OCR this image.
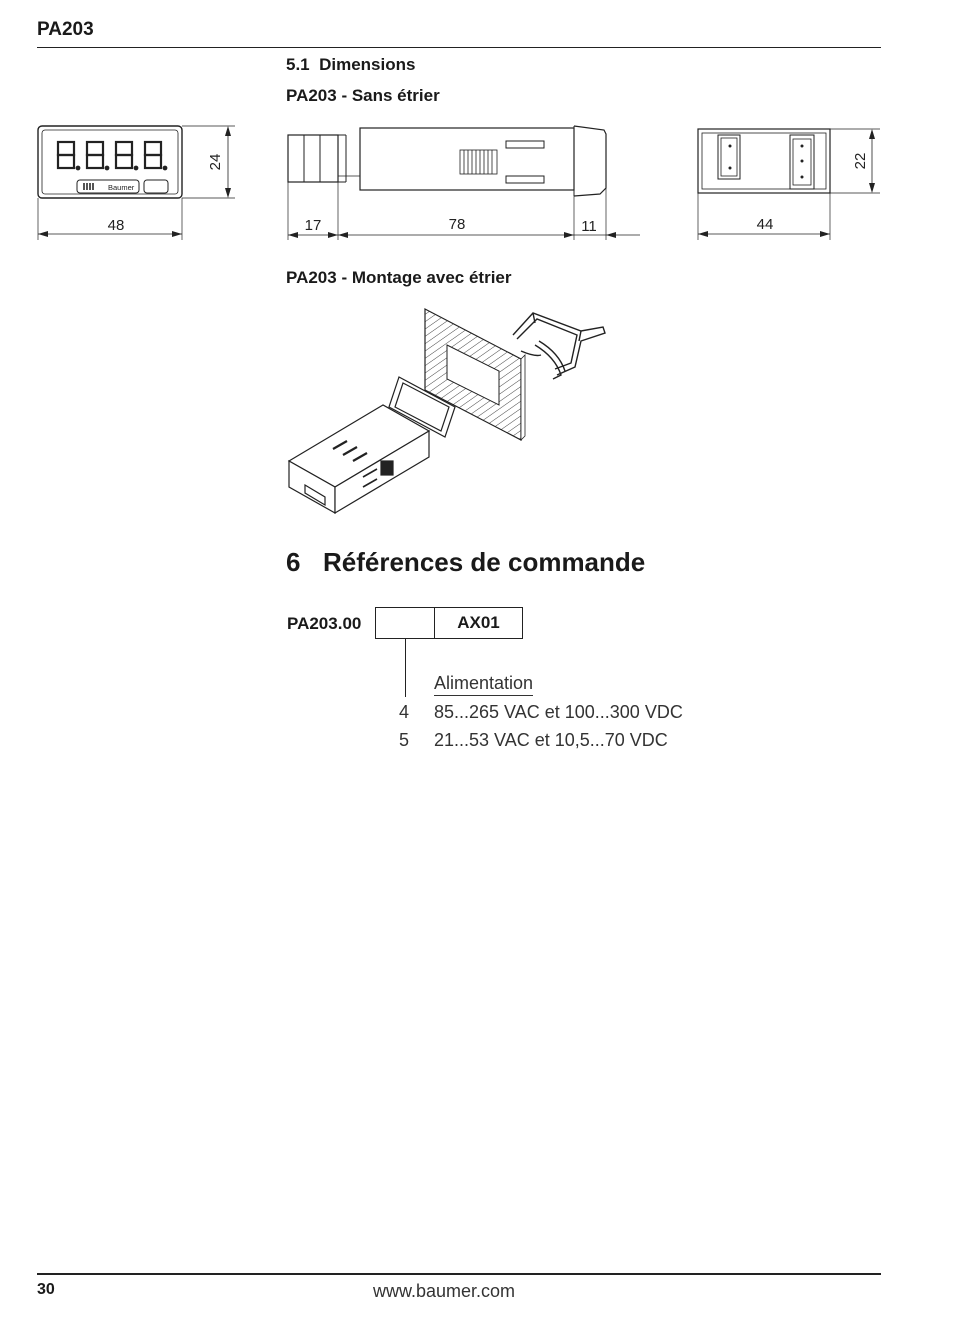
PA203
5.1  Dimensions
PA203 - Sans étrier
Baumer
24
48	17	78	11
22
44
PA203 - Montage avec étrier
6 Références de commande
PA203.00	AX01
Alimentation
4 85...265 VAC et 100...300 VDC
5 21...53 VAC et 10,5...70 VDC
30	www.baumer.com
